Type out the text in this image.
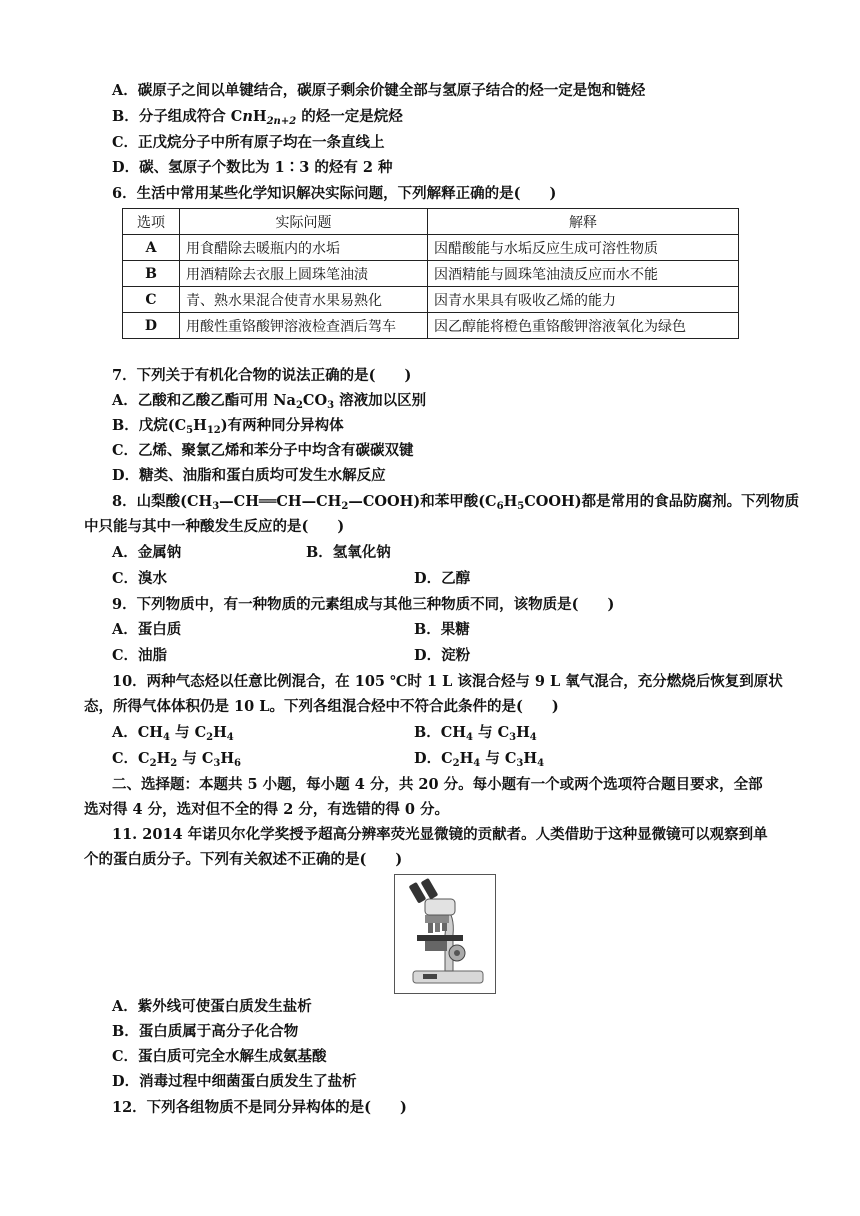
A．碳原子之间以单键结合，碳原子剩余价键全部与氢原子结合的烃一定是饱和链烃
B．分子组成符合 CnH$_{2n+2}$ 的烃一定是烷烃
C．正戊烷分子中所有原子均在一条直线上
D．碳、氢原子个数比为 1∶3 的烃有 2 种
6．生活中常用某些化学知识解决实际问题，下列解释正确的是(　　)
选项	实际问题	解释
A	用食醋除去暖瓶内的水垢	因醋酸能与水垢反应生成可溶性物质
B	用酒精除去衣服上圆珠笔油渍	因酒精能与圆珠笔油渍反应而水不能
C	青、熟水果混合使青水果易熟化	因青水果具有吸收乙烯的能力
D	用酸性重铬酸钾溶液检查酒后驾车	因乙醇能将橙色重铬酸钾溶液氧化为绿色
7．下列关于有机化合物的说法正确的是(　　)
A．乙酸和乙酸乙酯可用 $Na_2CO_3$ 溶液加以区别
B．戊烷$(C_5H_{12})$有两种同分异构体
C．乙烯、聚氯乙烯和苯分子中均含有碳碳双键
D．糖类、油脂和蛋白质均可发生水解反应
8．山梨酸$(CH_3—CH══CH—CH_2—COOH)$和苯甲酸$(C_6H_5COOH)$都是常用的食品防腐剂。下列物质
中只能与其中一种酸发生反应的是(　　)
A．金属钠	B．氢氧化钠
C．溴水	D．乙醇
9．下列物质中，有一种物质的元素组成与其他三种物质不同，该物质是(　　)
A．蛋白质	B．果糖
C．油脂	D．淀粉
10．两种气态烃以任意比例混合，在 105 ℃时 1 L 该混合烃与 9 L 氧气混合，充分燃烧后恢复到原状
态，所得气体体积仍是 10 L。下列各组混合烃中不符合此条件的是(　　)
A．$CH_4$ 与 $C_2H_4$	B．$CH_4$ 与 $C_3H_4$
C．$C_2H_2$ 与 $C_3H_6$	D．$C_2H_4$ 与 $C_3H_4$
二、选择题：本题共 5 小题，每小题 4 分，共 20 分。每小题有一个或两个选项符合题目要求，全部
选对得 4 分，选对但不全的得 2 分，有选错的得 0 分。
11. 2014 年诺贝尔化学奖授予超高分辨率荧光显微镜的贡献者。人类借助于这种显微镜可以观察到单
个的蛋白质分子。下列有关叙述不正确的是(　　)
A．紫外线可使蛋白质发生盐析
B．蛋白质属于高分子化合物
C．蛋白质可完全水解生成氨基酸
D．消毒过程中细菌蛋白质发生了盐析
12．下列各组物质不是同分异构体的是(　　)
